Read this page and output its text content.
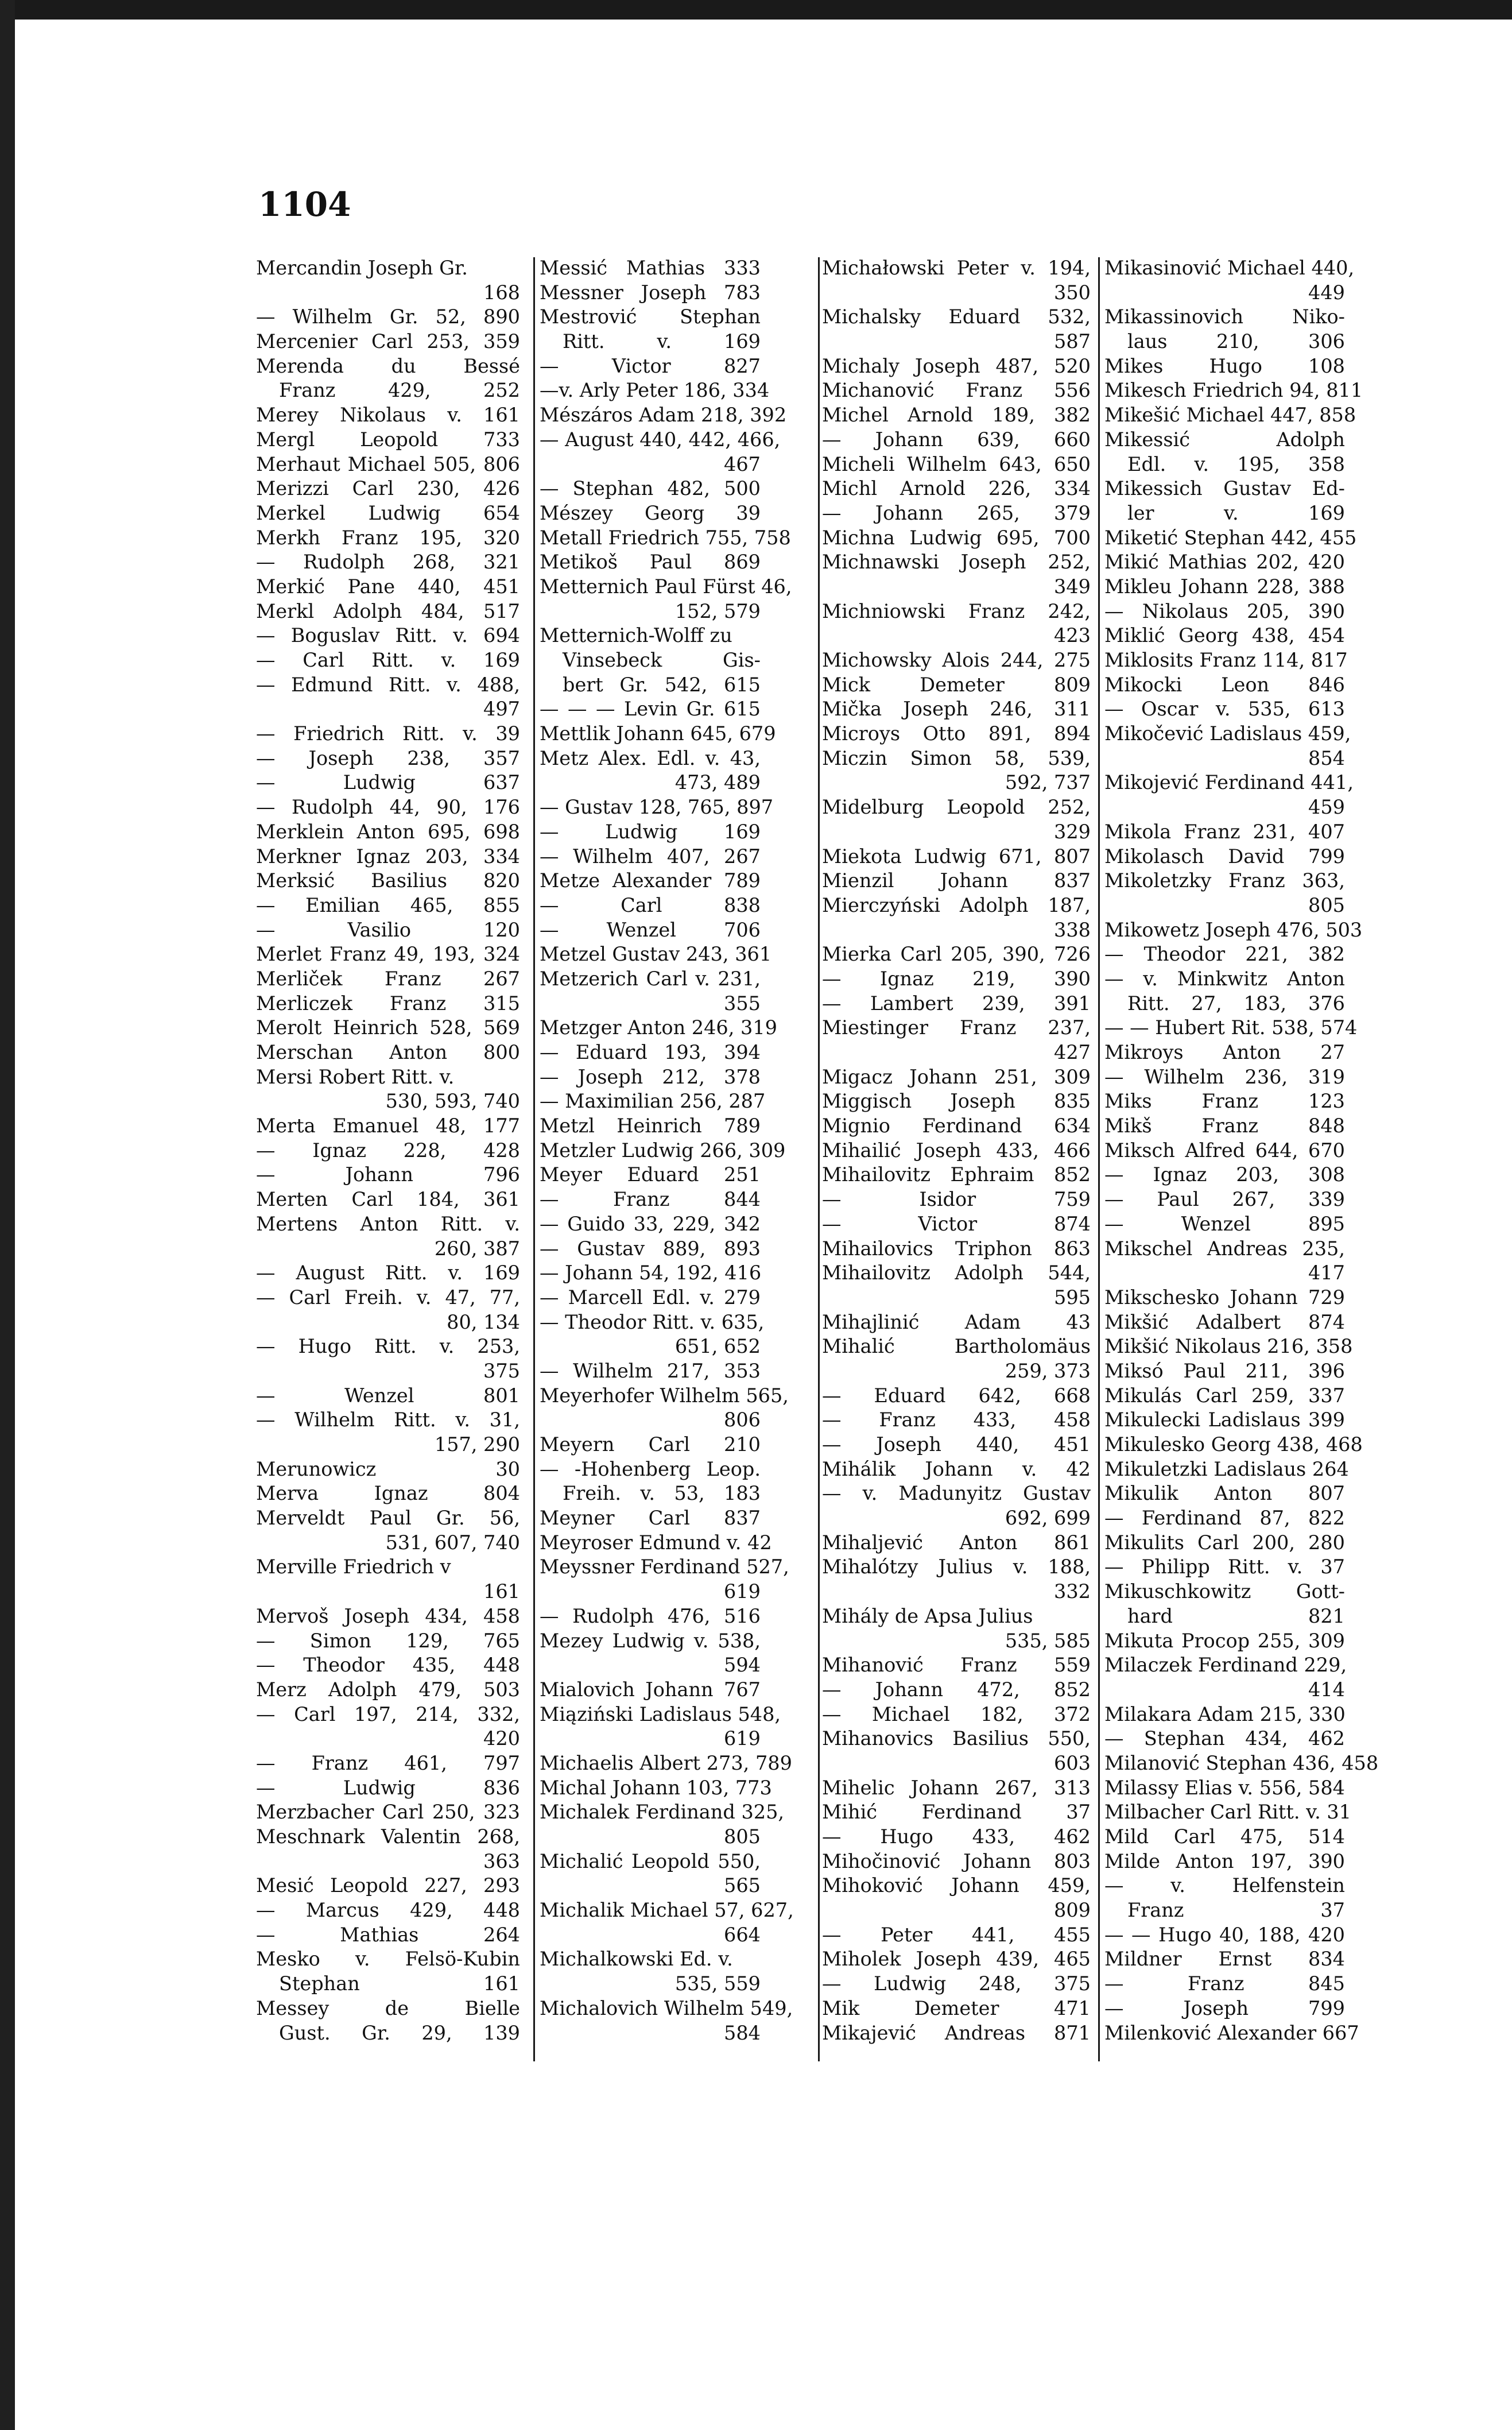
1104
Mercandin Joseph Gr.
168
— Wilhelm Gr. 52, 890
Mercenier Carl 253, 359
Merenda du Bessé
Franz 429, 252
Merey Nikolaus v. 161
Mergl Leopold 733
Merhaut Michael 505, 806
Merizzi Carl 230, 426
Merkel Ludwig 654
Merkh Franz 195, 320
— Rudolph 268, 321
Merkić Pane 440, 451
Merkl Adolph 484, 517
— Boguslav Ritt. v. 694
— Carl Ritt. v. 169
— Edmund Ritt. v. 488,
497
— Friedrich Ritt. v. 39
— Joseph 238, 357
— Ludwig 637
— Rudolph 44, 90, 176
Merklein Anton 695, 698
Merkner Ignaz 203, 334
Merksić Basilius 820
— Emilian 465, 855
— Vasilio 120
Merlet Franz 49, 193, 324
Merliček Franz 267
Merliczek Franz 315
Merolt Heinrich 528, 569
Merschan Anton 800
Mersi Robert Ritt. v.
530, 593, 740
Merta Emanuel 48, 177
— Ignaz 228, 428
— Johann 796
Merten Carl 184, 361
Mertens Anton Ritt. v.
260, 387
— August Ritt. v. 169
— Carl Freih. v. 47, 77,
80, 134
— Hugo Ritt. v. 253,
375
— Wenzel 801
— Wilhelm Ritt. v. 31,
157, 290
Merunowicz 30
Merva Ignaz 804
Merveldt Paul Gr. 56,
531, 607, 740
Merville Friedrich v
161
Mervoš Joseph 434, 458
— Simon 129, 765
— Theodor 435, 448
Merz Adolph 479, 503
— Carl 197, 214, 332,
420
— Franz 461, 797
— Ludwig 836
Merzbacher Carl 250, 323
Meschnark Valentin 268,
363
Mesić Leopold 227, 293
— Marcus 429, 448
— Mathias 264
Mesko v. Felsö-Kubin
Stephan 161
Messey de Bielle
Gust. Gr. 29, 139
Messić Mathias 333
Messner Joseph 783
Mestrović Stephan
Ritt. v. 169
— Victor 827
—v. Arly Peter 186, 334
Mészáros Adam 218, 392
— August 440, 442, 466,
467
— Stephan 482, 500
Mészey Georg 39
Metall Friedrich 755, 758
Metikoš Paul 869
Metternich Paul Fürst 46,
152, 579
Metternich-Wolff zu
Vinsebeck Gis-
bert Gr. 542, 615
— — — Levin Gr. 615
Mettlik Johann 645, 679
Metz Alex. Edl. v. 43,
473, 489
— Gustav 128, 765, 897
— Ludwig 169
— Wilhelm 407, 267
Metze Alexander 789
— Carl 838
— Wenzel 706
Metzel Gustav 243, 361
Metzerich Carl v. 231,
355
Metzger Anton 246, 319
— Eduard 193, 394
— Joseph 212, 378
— Maximilian 256, 287
Metzl Heinrich 789
Metzler Ludwig 266, 309
Meyer Eduard 251
— Franz 844
— Guido 33, 229, 342
— Gustav 889, 893
— Johann 54, 192, 416
— Marcell Edl. v. 279
— Theodor Ritt. v. 635,
651, 652
— Wilhelm 217, 353
Meyerhofer Wilhelm 565,
806
Meyern Carl 210
— -Hohenberg Leop.
Freih. v. 53, 183
Meyner Carl 837
Meyroser Edmund v. 42
Meyssner Ferdinand 527,
619
— Rudolph 476, 516
Mezey Ludwig v. 538,
594
Mialovich Johann 767
Miąziński Ladislaus 548,
619
Michaelis Albert 273, 789
Michal Johann 103, 773
Michalek Ferdinand 325,
805
Michalić Leopold 550,
565
Michalik Michael 57, 627,
664
Michalkowski Ed. v.
535, 559
Michalovich Wilhelm 549,
584
Michałowski Peter v. 194,
350
Michalsky Eduard 532,
587
Michaly Joseph 487, 520
Michanović Franz 556
Michel Arnold 189, 382
— Johann 639, 660
Micheli Wilhelm 643, 650
Michl Arnold 226, 334
— Johann 265, 379
Michna Ludwig 695, 700
Michnawski Joseph 252,
349
Michniowski Franz 242,
423
Michowsky Alois 244, 275
Mick Demeter 809
Mička Joseph 246, 311
Microys Otto 891, 894
Miczin Simon 58, 539,
592, 737
Midelburg Leopold 252,
329
Miekota Ludwig 671, 807
Mienzil Johann 837
Mierczyński Adolph 187,
338
Mierka Carl 205, 390, 726
— Ignaz 219, 390
— Lambert 239, 391
Miestinger Franz 237,
427
Migacz Johann 251, 309
Miggisch Joseph 835
Mignio Ferdinand 634
Mihailić Joseph 433, 466
Mihailovitz Ephraim 852
— Isidor 759
— Victor 874
Mihailovics Triphon 863
Mihailovitz Adolph 544,
595
Mihajlinić Adam 43
Mihalić Bartholomäus
259, 373
— Eduard 642, 668
— Franz 433, 458
— Joseph 440, 451
Mihálik Johann v. 42
— v. Madunyitz Gustav
692, 699
Mihaljević Anton 861
Mihalótzy Julius v. 188,
332
Mihály de Apsa Julius
535, 585
Mihanović Franz 559
— Johann 472, 852
— Michael 182, 372
Mihanovics Basilius 550,
603
Mihelic Johann 267, 313
Mihić Ferdinand 37
— Hugo 433, 462
Mihočinović Johann 803
Mihoković Johann 459,
809
— Peter 441, 455
Miholek Joseph 439, 465
— Ludwig 248, 375
Mik Demeter 471
Mikajević Andreas 871
Mikasinović Michael 440,
449
Mikassinovich Niko-
laus 210, 306
Mikes Hugo 108
Mikesch Friedrich 94, 811
Mikešić Michael 447, 858
Mikessić Adolph
Edl. v. 195, 358
Mikessich Gustav Ed-
ler v. 169
Miketić Stephan 442, 455
Mikić Mathias 202, 420
Mikleu Johann 228, 388
— Nikolaus 205, 390
Miklić Georg 438, 454
Miklosits Franz 114, 817
Mikocki Leon 846
— Oscar v. 535, 613
Mikočević Ladislaus 459,
854
Mikojević Ferdinand 441,
459
Mikola Franz 231, 407
Mikolasch David 799
Mikoletzky Franz 363,
805
Mikowetz Joseph 476, 503
— Theodor 221, 382
— v. Minkwitz Anton
Ritt. 27, 183, 376
— — Hubert Rit. 538, 574
Mikroys Anton 27
— Wilhelm 236, 319
Miks Franz 123
Mikš Franz 848
Miksch Alfred 644, 670
— Ignaz 203, 308
— Paul 267, 339
— Wenzel 895
Mikschel Andreas 235,
417
Mikschesko Johann 729
Mikšić Adalbert 874
Mikšić Nikolaus 216, 358
Miksó Paul 211, 396
Mikulás Carl 259, 337
Mikulecki Ladislaus 399
Mikulesko Georg 438, 468
Mikuletzki Ladislaus 264
Mikulik Anton 807
— Ferdinand 87, 822
Mikulits Carl 200, 280
— Philipp Ritt. v. 37
Mikuschkowitz Gott-
hard 821
Mikuta Procop 255, 309
Milaczek Ferdinand 229,
414
Milakara Adam 215, 330
— Stephan 434, 462
Milanović Stephan 436, 458
Milassy Elias v. 556, 584
Milbacher Carl Ritt. v. 31
Mild Carl 475, 514
Milde Anton 197, 390
— v. Helfenstein
Franz 37
— — Hugo 40, 188, 420
Mildner Ernst 834
— Franz 845
— Joseph 799
Milenković Alexander 667
